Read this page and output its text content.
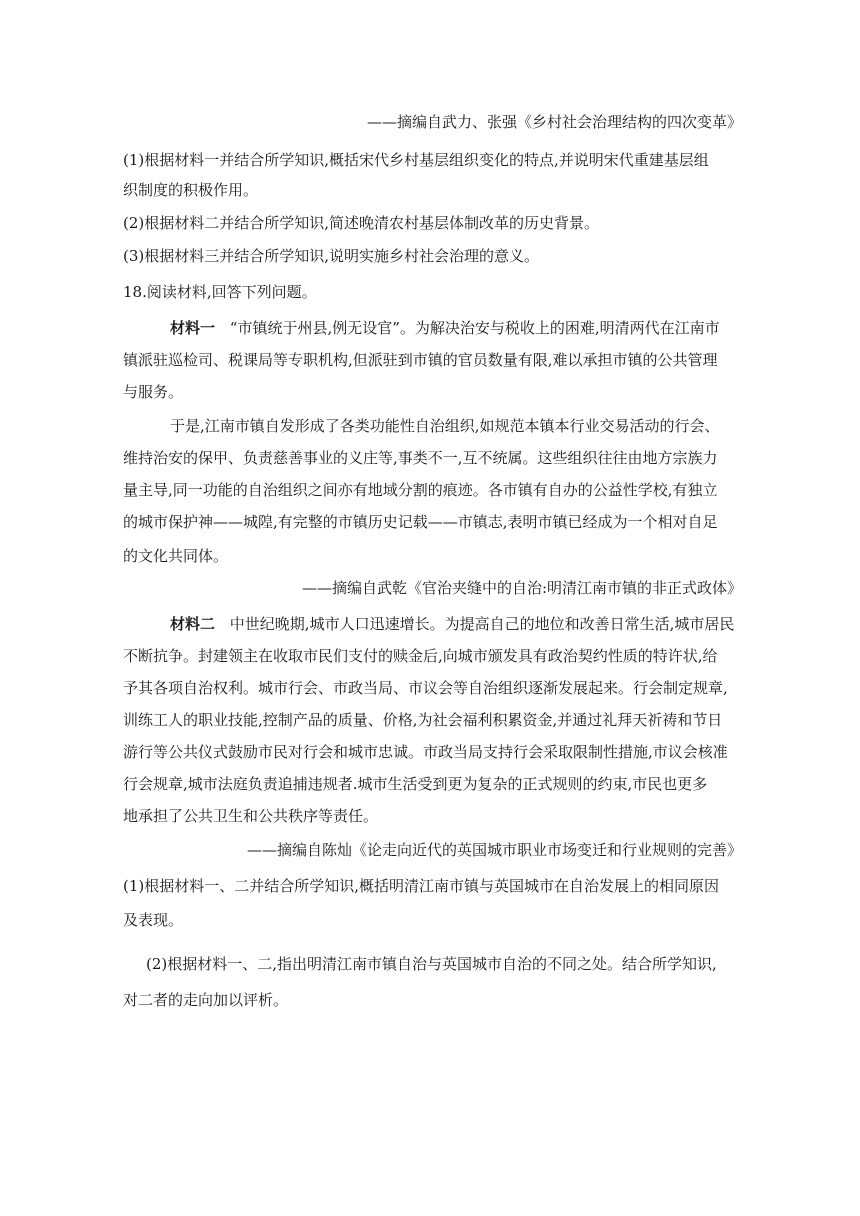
——摘编自武力、张强《乡村社会治理结构的四次变革》
(1)根据材料一并结合所学知识,概括宋代乡村基层组织变化的特点,并说明宋代重建基层组
织制度的积极作用。
(2)根据材料二并结合所学知识,简述晚清农村基层体制改革的历史背景。
(3)根据材料三并结合所学知识,说明实施乡村社会治理的意义。
18.阅读材料,回答下列问题。
材料一 “市镇统于州县,例无设官”。为解决治安与税收上的困难,明清两代在江南市
镇派驻巡检司、税课局等专职机构,但派驻到市镇的官员数量有限,难以承担市镇的公共管理
与服务。
于是,江南市镇自发形成了各类功能性自治组织,如规范本镇本行业交易活动的行会、
维持治安的保甲、负责慈善事业的义庄等,事类不一,互不统属。这些组织往往由地方宗族力
量主导,同一功能的自治组织之间亦有地域分割的痕迹。各市镇有自办的公益性学校,有独立
的城市保护神——城隍,有完整的市镇历史记载——市镇志,表明市镇已经成为一个相对自足
的文化共同体。
——摘编自武乾《官治夹缝中的自治:明清江南市镇的非正式政体》
材料二 中世纪晚期,城市人口迅速增长。为提高自己的地位和改善日常生活,城市居民
不断抗争。封建领主在收取市民们支付的赎金后,向城市颁发具有政治契约性质的特许状,给
予其各项自治权利。城市行会、市政当局、市议会等自治组织逐渐发展起来。行会制定规章,
训练工人的职业技能,控制产品的质量、价格,为社会福利积累资金,并通过礼拜天祈祷和节日
游行等公共仪式鼓励市民对行会和城市忠诚。市政当局支持行会采取限制性措施,市议会核准
行会规章,城市法庭负责追捕违规者.城市生活受到更为复杂的正式规则的约束,市民也更多
地承担了公共卫生和公共秩序等责任。
——摘编自陈灿《论走向近代的英国城市职业市场变迁和行业规则的完善》
(1)根据材料一、二并结合所学知识,概括明清江南市镇与英国城市在自治发展上的相同原因
及表现。
(2)根据材料一、二,指出明清江南市镇自治与英国城市自治的不同之处。结合所学知识,
对二者的走向加以评析。
